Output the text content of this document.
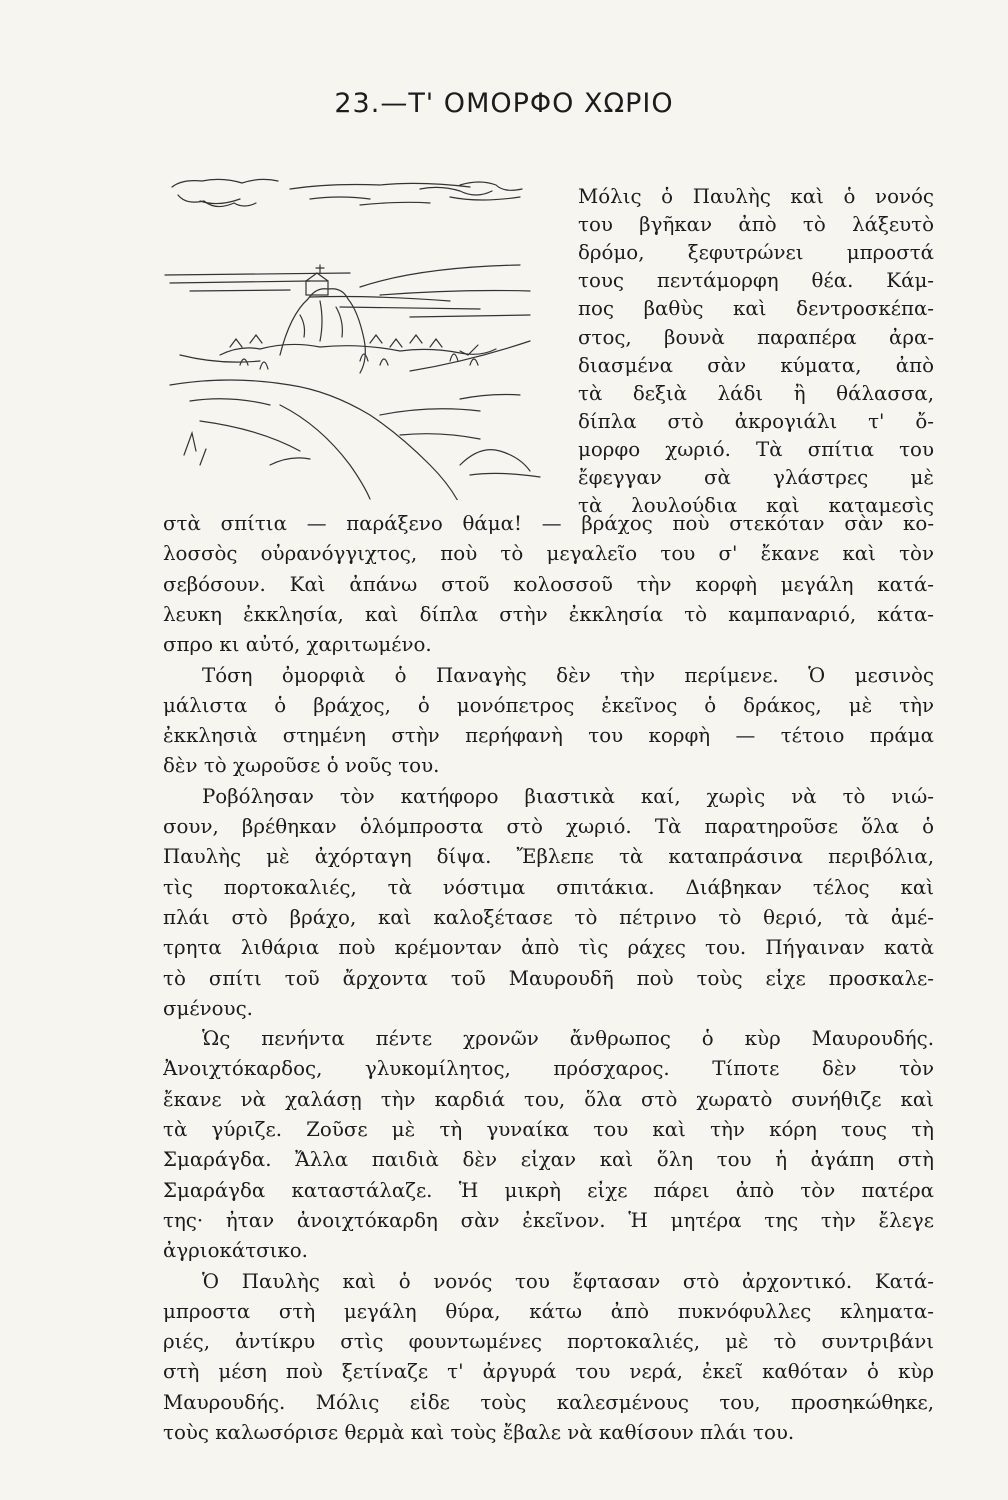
23.—Τ' ΟΜΟΡΦΟ ΧΩΡΙΟ
Μόλις ὁ Παυλὴς καὶ ὁ νονός
του βγῆκαν ἀπὸ τὸ λάξευτὸ
δρόμο, ξεφυτρώνει μπροστά
τους πεντάμορφη θέα. Κάμ-
πος βαθὺς καὶ δεντροσκέπα-
στος, βουνὰ παραπέρα ἀρα-
διασμένα σὰν κύματα, ἀπὸ
τὰ δεξιὰ λάδι ἢ θάλασσα,
δίπλα στὸ ἀκρογιάλι τ' ὄ-
μορφο χωριό. Τὰ σπίτια του
ἔφεγγαν σὰ γλάστρες μὲ
τὰ λουλούδια καὶ καταμεσὶς
στὰ σπίτια — παράξενο θάμα! — βράχος ποὺ στεκόταν σὰν κο-
λοσσὸς οὐρανόγγιχτος, ποὺ τὸ μεγαλεῖο του σ' ἔκανε καὶ τὸν
σεβόσουν. Καὶ ἀπάνω στοῦ κολοσσοῦ τὴν κορφὴ μεγάλη κατά-
λευκη ἐκκλησία, καὶ δίπλα στὴν ἐκκλησία τὸ καμπαναριό, κάτα-
σπρο κι αὐτό, χαριτωμένο.
Τόση ὀμορφιὰ ὁ Παναγὴς δὲν τὴν περίμενε. Ὁ μεσινὸς
μάλιστα ὁ βράχος, ὁ μονόπετρος ἐκεῖνος ὁ δράκος, μὲ τὴν
ἐκκλησιὰ στημένη στὴν περήφανὴ του κορφὴ — τέτοιο πράμα
δὲν τὸ χωροῦσε ὁ νοῦς του.
Ροβόλησαν τὸν κατήφορο βιαστικὰ καί, χωρὶς νὰ τὸ νιώ-
σουν, βρέθηκαν ὁλόμπροστα στὸ χωριό. Τὰ παρατηροῦσε ὅλα ὁ
Παυλὴς μὲ ἀχόρταγη δίψα. Ἔβλεπε τὰ καταπράσινα περιβόλια,
τὶς πορτοκαλιές, τὰ νόστιμα σπιτάκια. Διάβηκαν τέλος καὶ
πλάι στὸ βράχο, καὶ καλοξέτασε τὸ πέτρινο τὸ θεριό, τὰ ἀμέ-
τρητα λιθάρια ποὺ κρέμονταν ἀπὸ τὶς ράχες του. Πήγαιναν κατὰ
τὸ σπίτι τοῦ ἄρχοντα τοῦ Μαυρουδῆ ποὺ τοὺς εἶχε προσκαλε-
σμένους.
Ὡς πενήντα πέντε χρονῶν ἄνθρωπος ὁ κὺρ Μαυρουδής.
Ἀνοιχτόκαρδος, γλυκομίλητος, πρόσχαρος. Τίποτε δὲν τὸν
ἔκανε νὰ χαλάσῃ τὴν καρδιά του, ὅλα στὸ χωρατὸ συνήθιζε καὶ
τὰ γύριζε. Ζοῦσε μὲ τὴ γυναίκα του καὶ τὴν κόρη τους τὴ
Σμαράγδα. Ἄλλα παιδιὰ δὲν εἶχαν καὶ ὅλη του ἡ ἀγάπη στὴ
Σμαράγδα καταστάλαζε. Ἡ μικρὴ εἶχε πάρει ἀπὸ τὸν πατέρα
της· ἦταν ἀνοιχτόκαρδη σὰν ἐκεῖνον. Ἡ μητέρα της τὴν ἔλεγε
ἀγριοκάτσικο.
Ὁ Παυλὴς καὶ ὁ νονός του ἔφτασαν στὸ ἀρχοντικό. Κατά-
μπροστα στὴ μεγάλη θύρα, κάτω ἀπὸ πυκνόφυλλες κληματα-
ριές, ἀντίκρυ στὶς φουντωμένες πορτοκαλιές, μὲ τὸ συντριβάνι
στὴ μέση ποὺ ξετίναζε τ' ἀργυρά του νερά, ἐκεῖ καθόταν ὁ κὺρ
Μαυρουδής. Μόλις εἶδε τοὺς καλεσμένους του, προσηκώθηκε,
τοὺς καλωσόρισε θερμὰ καὶ τοὺς ἔβαλε νὰ καθίσουν πλάι του.
